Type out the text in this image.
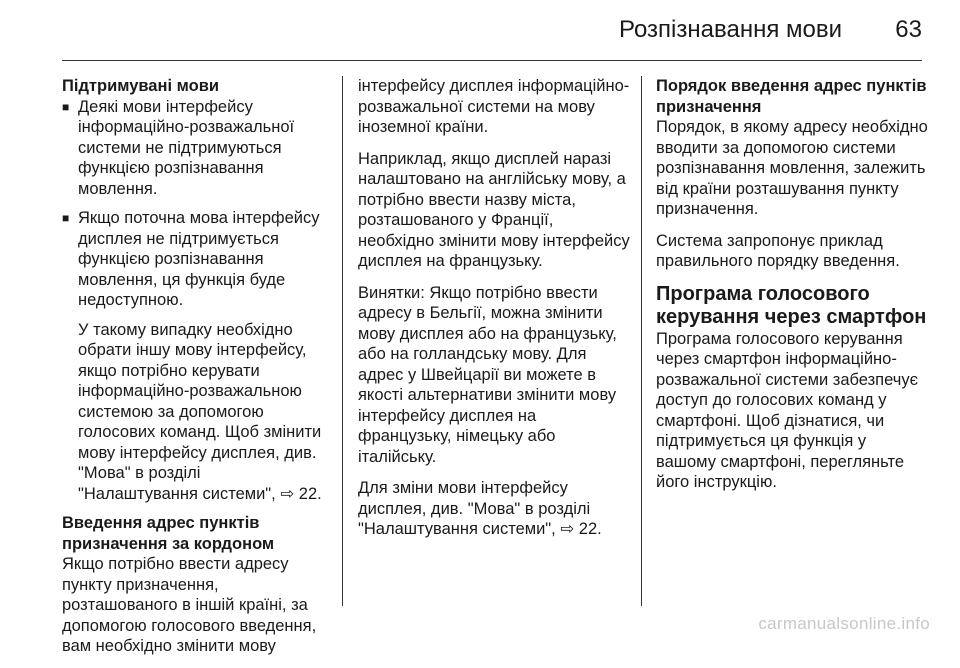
Розпізнавання мови 63

Підтримувані мови

■ Деякі мови інтерфейсу інформаційно-розважальної системи не підтримуються функцією розпізнавання мовлення.
■ Якщо поточна мова інтерфейсу дисплея не підтримується функцією розпізнавання мовлення, ця функція буде недоступною.
У такому випадку необхідно обрати іншу мову інтерфейсу, якщо потрібно керувати інформаційно-розважальною системою за допомогою голосових команд. Щоб змінити мову інтерфейсу дисплея, див. "Мова" в розділі "Налаштування системи", ⇨ 22.

Введення адрес пунктів призначення за кордоном

Якщо потрібно ввести адресу пункту призначення, розташованого в іншій країні, за допомогою голосового введення, вам необхідно змінити мову

інтерфейсу дисплея інформаційно-розважальної системи на мову іноземної країни.

Наприклад, якщо дисплей наразі налаштовано на англійську мову, а потрібно ввести назву міста, розташованого у Франції, необхідно змінити мову інтерфейсу дисплея на французьку.

Винятки: Якщо потрібно ввести адресу в Бельгії, можна змінити мову дисплея або на французьку, або на голландську мову. Для адрес у Швейцарії ви можете в якості альтернативи змінити мову інтерфейсу дисплея на французьку, німецьку або італійську.

Для зміни мови інтерфейсу дисплея, див. "Мова" в розділі "Налаштування системи", ⇨ 22.

Порядок введення адрес пунктів призначення

Порядок, в якому адресу необхідно вводити за допомогою системи розпізнавання мовлення, залежить від країни розташування пункту призначення.

Система запропонує приклад правильного порядку введення.

Програма голосового керування через смартфон

Програма голосового керування через смартфон інформаційно-розважальної системи забезпечує доступ до голосових команд у смартфоні. Щоб дізнатися, чи підтримується ця функція у вашому смартфоні, перегляньте його інструкцію.

carmanualsonline.info
